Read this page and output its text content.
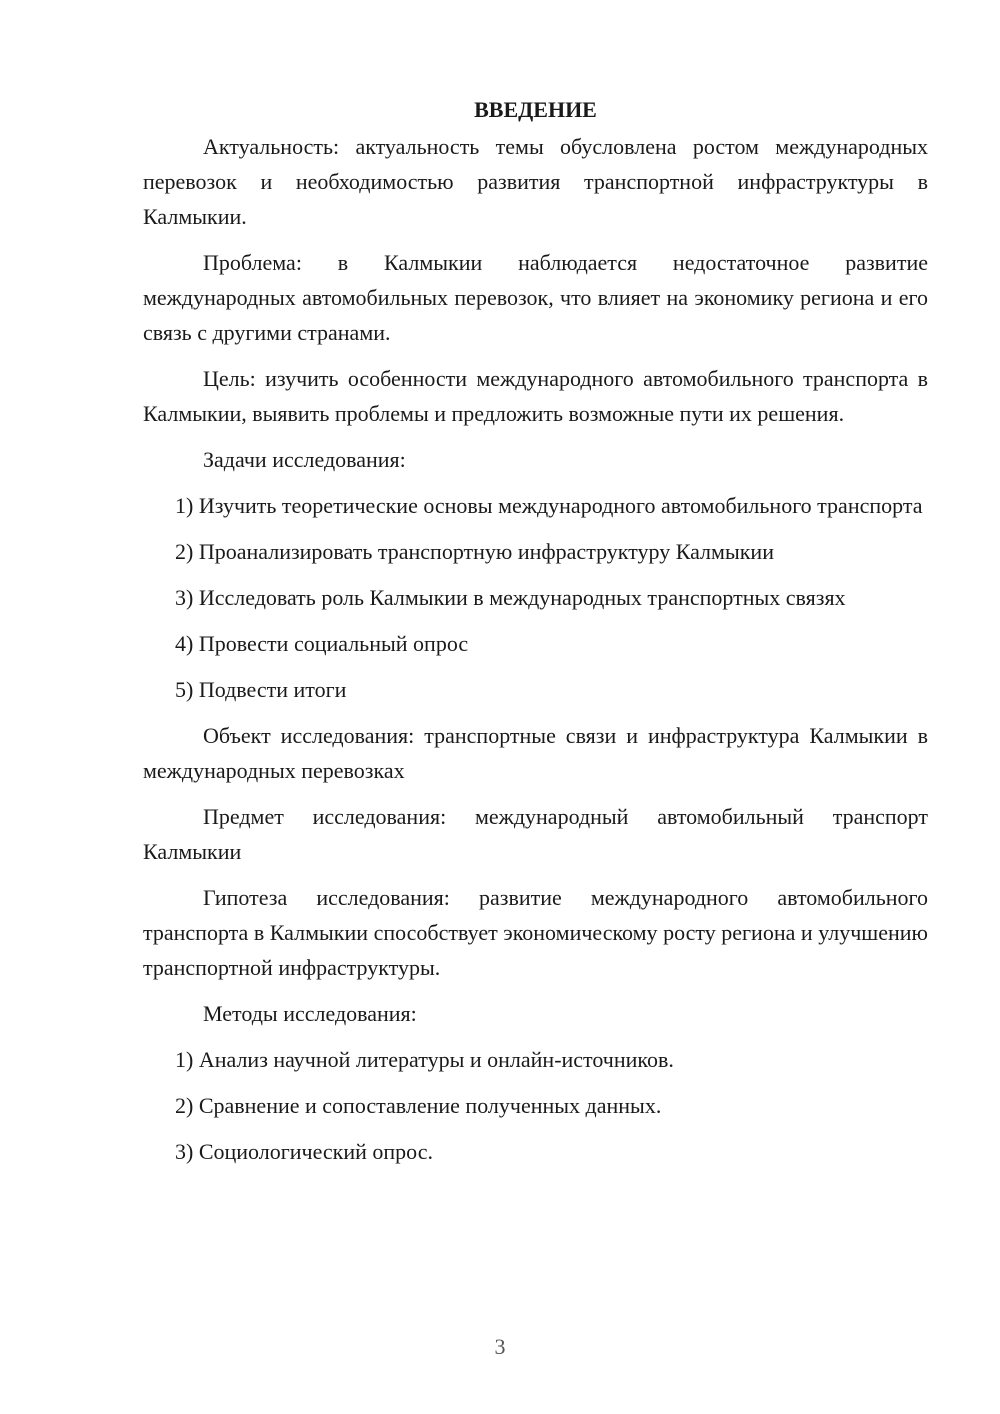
ВВЕДЕНИЕ

Актуальность: актуальность темы обусловлена ростом международных перевозок и необходимостью развития транспортной инфраструктуры в Калмыкии.

Проблема: в Калмыкии наблюдается недостаточное развитие международных автомобильных перевозок, что влияет на экономику региона и его связь с другими странами.

Цель: изучить особенности международного автомобильного транспорта в Калмыкии, выявить проблемы и предложить возможные пути их решения.

Задачи исследования:

1) Изучить теоретические основы международного автомобильного транспорта

2) Проанализировать транспортную инфраструктуру Калмыкии

3) Исследовать роль Калмыкии в международных транспортных связях

4) Провести социальный опрос

5) Подвести итоги

Объект исследования: транспортные связи и инфраструктура Калмыкии в международных перевозках

Предмет исследования: международный автомобильный транспорт Калмыкии

Гипотеза исследования: развитие международного автомобильного транспорта в Калмыкии способствует экономическому росту региона и улучшению транспортной инфраструктуры.

Методы исследования:

1) Анализ научной литературы и онлайн-источников.

2) Сравнение и сопоставление полученных данных.

3) Социологический опрос.

3
